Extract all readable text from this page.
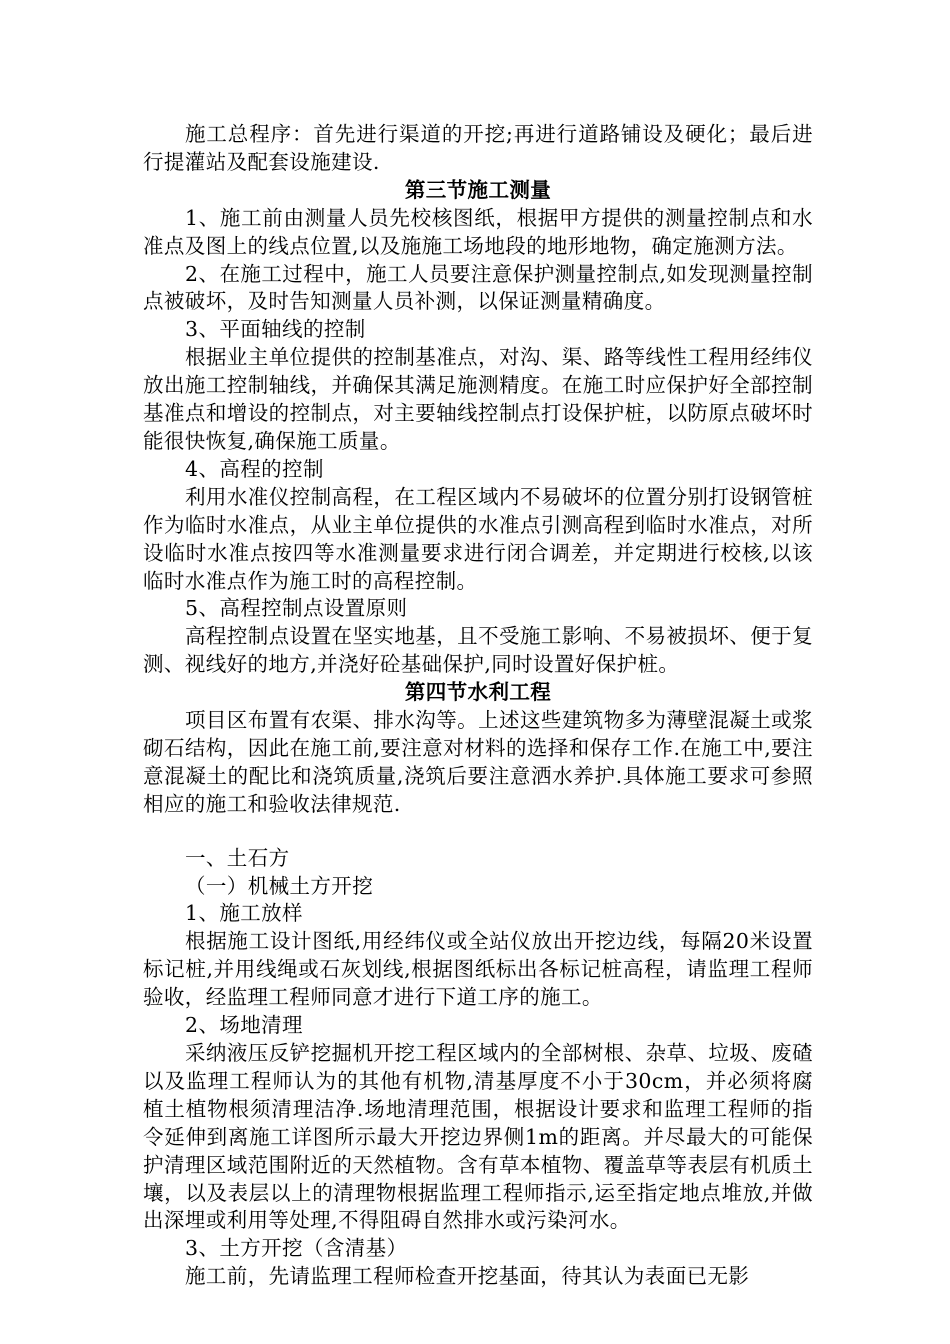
施工总程序：首先进行渠道的开挖;再进行道路铺设及硬化；最后进行提灌站及配套设施建设.

第三节施工测量

1、施工前由测量人员先校核图纸，根据甲方提供的测量控制点和水准点及图上的线点位置,以及施施工场地段的地形地物，确定施测方法。

2、在施工过程中，施工人员要注意保护测量控制点,如发现测量控制点被破坏，及时告知测量人员补测，以保证测量精确度。

3、平面轴线的控制

根据业主单位提供的控制基准点，对沟、渠、路等线性工程用经纬仪放出施工控制轴线，并确保其满足施测精度。在施工时应保护好全部控制基准点和增设的控制点，对主要轴线控制点打设保护桩，以防原点破坏时能很快恢复,确保施工质量。

4、高程的控制

利用水准仪控制高程，在工程区域内不易破坏的位置分别打设钢管桩作为临时水准点，从业主单位提供的水准点引测高程到临时水准点，对所设临时水准点按四等水准测量要求进行闭合调差，并定期进行校核,以该临时水准点作为施工时的高程控制。

5、高程控制点设置原则

高程控制点设置在坚实地基，且不受施工影响、不易被损坏、便于复测、视线好的地方,并浇好砼基础保护,同时设置好保护桩。

第四节水利工程

项目区布置有农渠、排水沟等。上述这些建筑物多为薄壁混凝土或浆砌石结构，因此在施工前,要注意对材料的选择和保存工作.在施工中,要注意混凝土的配比和浇筑质量,浇筑后要注意洒水养护.具体施工要求可参照相应的施工和验收法律规范.

一、土石方

（一）机械土方开挖

1、施工放样

根据施工设计图纸,用经纬仪或全站仪放出开挖边线，每隔20米设置标记桩,并用线绳或石灰划线,根据图纸标出各标记桩高程，请监理工程师验收，经监理工程师同意才进行下道工序的施工。

2、场地清理

采纳液压反铲挖掘机开挖工程区域内的全部树根、杂草、垃圾、废碴以及监理工程师认为的其他有机物,清基厚度不小于30cm，并必须将腐植土植物根须清理洁净.场地清理范围，根据设计要求和监理工程师的指令延伸到离施工详图所示最大开挖边界侧1m的距离。并尽最大的可能保护清理区域范围附近的天然植物。含有草本植物、覆盖草等表层有机质土壤，以及表层以上的清理物根据监理工程师指示,运至指定地点堆放,并做出深埋或利用等处理,不得阻碍自然排水或污染河水。

3、土方开挖（含清基）

施工前，先请监理工程师检查开挖基面，待其认为表面已无影
